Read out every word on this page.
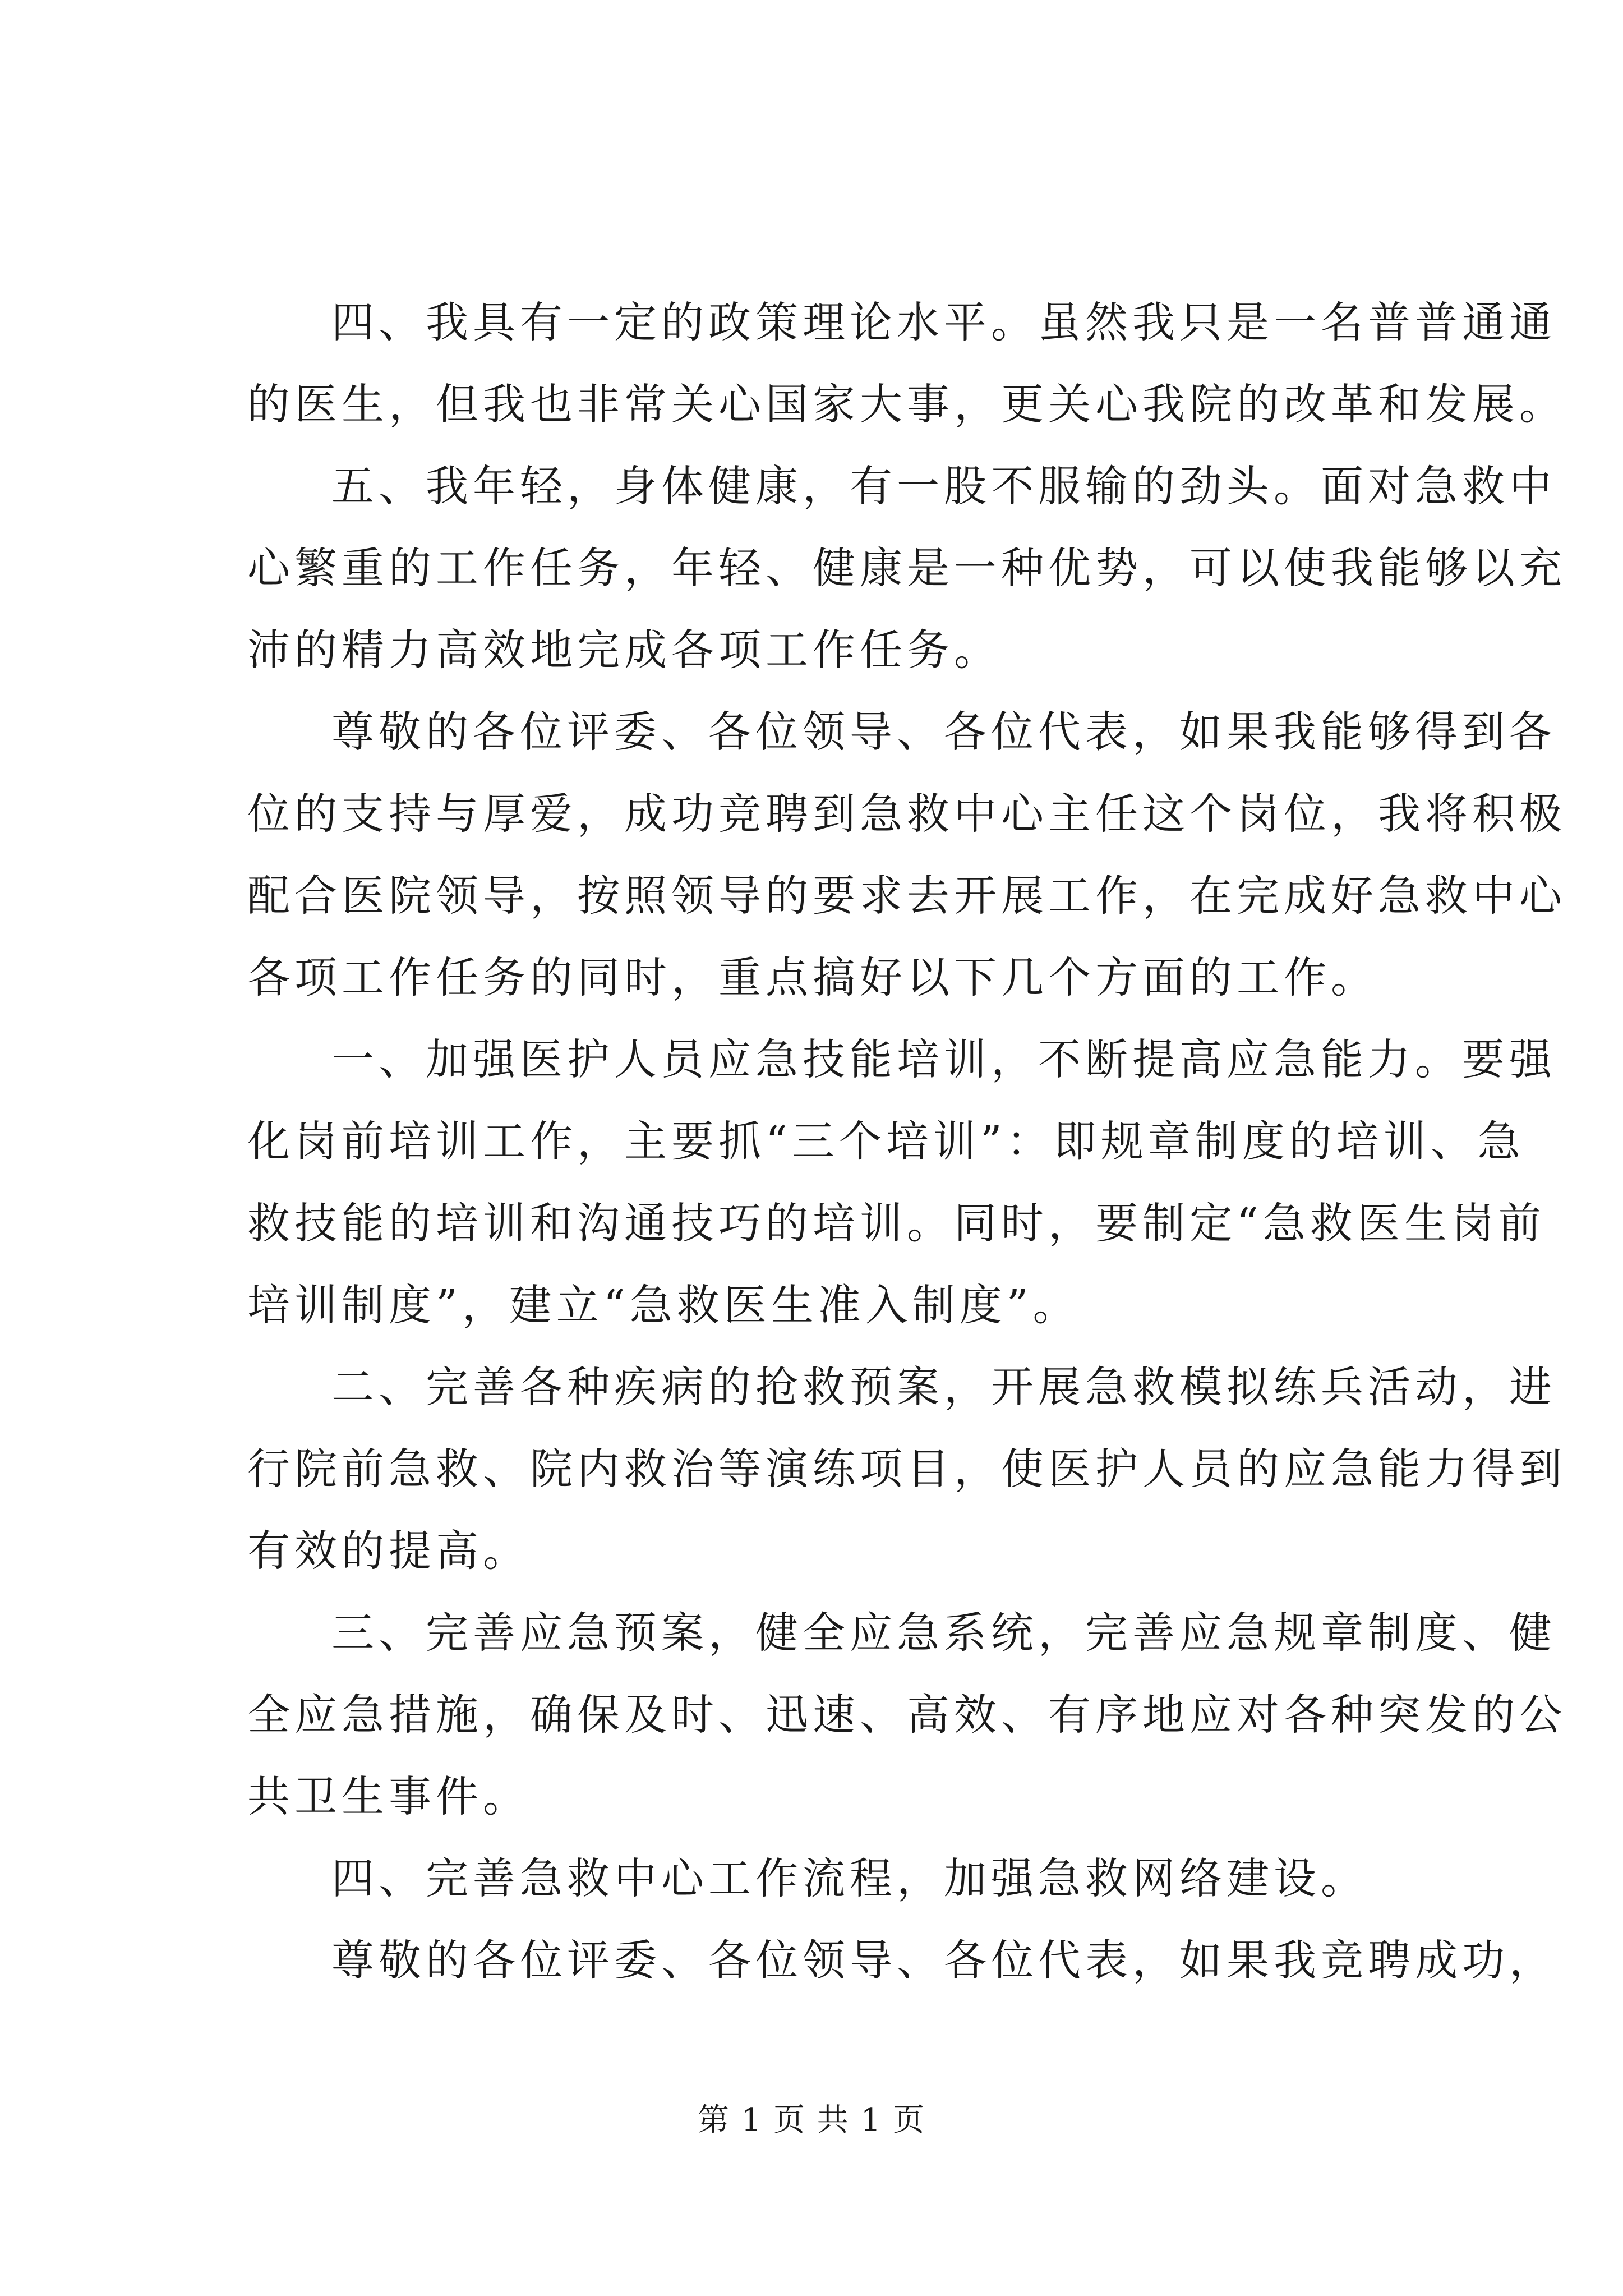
四、我具有一定的政策理论水平。虽然我只是一名普普通通
的医生，但我也非常关心国家大事，更关心我院的改革和发展。
五、我年轻，身体健康，有一股不服输的劲头。面对急救中
心繁重的工作任务，年轻、健康是一种优势，可以使我能够以充
沛的精力高效地完成各项工作任务。
尊敬的各位评委、各位领导、各位代表，如果我能够得到各
位的支持与厚爱，成功竞聘到急救中心主任这个岗位，我将积极
配合医院领导，按照领导的要求去开展工作，在完成好急救中心
各项工作任务的同时，重点搞好以下几个方面的工作。
一、加强医护人员应急技能培训，不断提高应急能力。要强
化岗前培训工作，主要抓“三个培训”：即规章制度的培训、急
救技能的培训和沟通技巧的培训。同时，要制定“急救医生岗前
培训制度”，建立“急救医生准入制度”。
二、完善各种疾病的抢救预案，开展急救模拟练兵活动，进
行院前急救、院内救治等演练项目，使医护人员的应急能力得到
有效的提高。
三、完善应急预案，健全应急系统，完善应急规章制度、健
全应急措施，确保及时、迅速、高效、有序地应对各种突发的公
共卫生事件。
四、完善急救中心工作流程，加强急救网络建设。
尊敬的各位评委、各位领导、各位代表，如果我竞聘成功，
第 1 页 共 1 页
